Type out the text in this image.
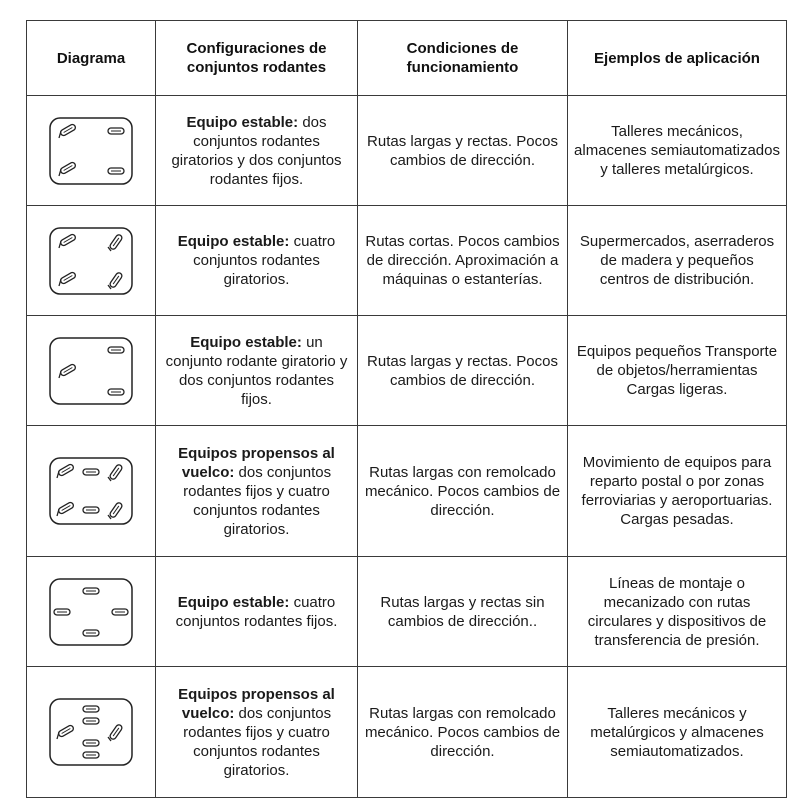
Diagrama	Configuraciones de conjuntos rodantes	Condiciones de funcionamiento	Ejemplos de aplicación

	Equipo estable: dos conjuntos rodantes giratorios y dos conjuntos rodantes fijos.	Rutas largas y rectas. Pocos cambios de dirección.	Talleres mecánicos, almacenes semiautomatizados y talleres metalúrgicos.

	Equipo estable: cuatro conjuntos rodantes giratorios.	Rutas cortas. Pocos cambios de dirección. Aproximación a máquinas o estanterías.	Supermercados, aserraderos de madera y pequeños centros de distribución.

	Equipo estable: un conjunto rodante giratorio y dos conjuntos rodantes fijos.	Rutas largas y rectas. Pocos cambios de dirección.	Equipos pequeños Transporte de objetos/herramientas Cargas ligeras.

	Equipos propensos al vuelco: dos conjuntos rodantes fijos y cuatro conjuntos rodantes giratorios.	Rutas largas con remolcado mecánico. Pocos cambios de dirección.	Movimiento de equipos para reparto postal o por zonas ferroviarias y aeroportuarias. Cargas pesadas.

	Equipo estable: cuatro conjuntos rodantes fijos.	Rutas largas y rectas sin cambios de dirección..	Líneas de montaje o mecanizado con rutas circulares y dispositivos de transferencia de presión.

	Equipos propensos al vuelco: dos conjuntos rodantes fijos y cuatro conjuntos rodantes giratorios.	Rutas largas con remolcado mecánico. Pocos cambios de dirección.	Talleres mecánicos y metalúrgicos y almacenes semiautomatizados.
